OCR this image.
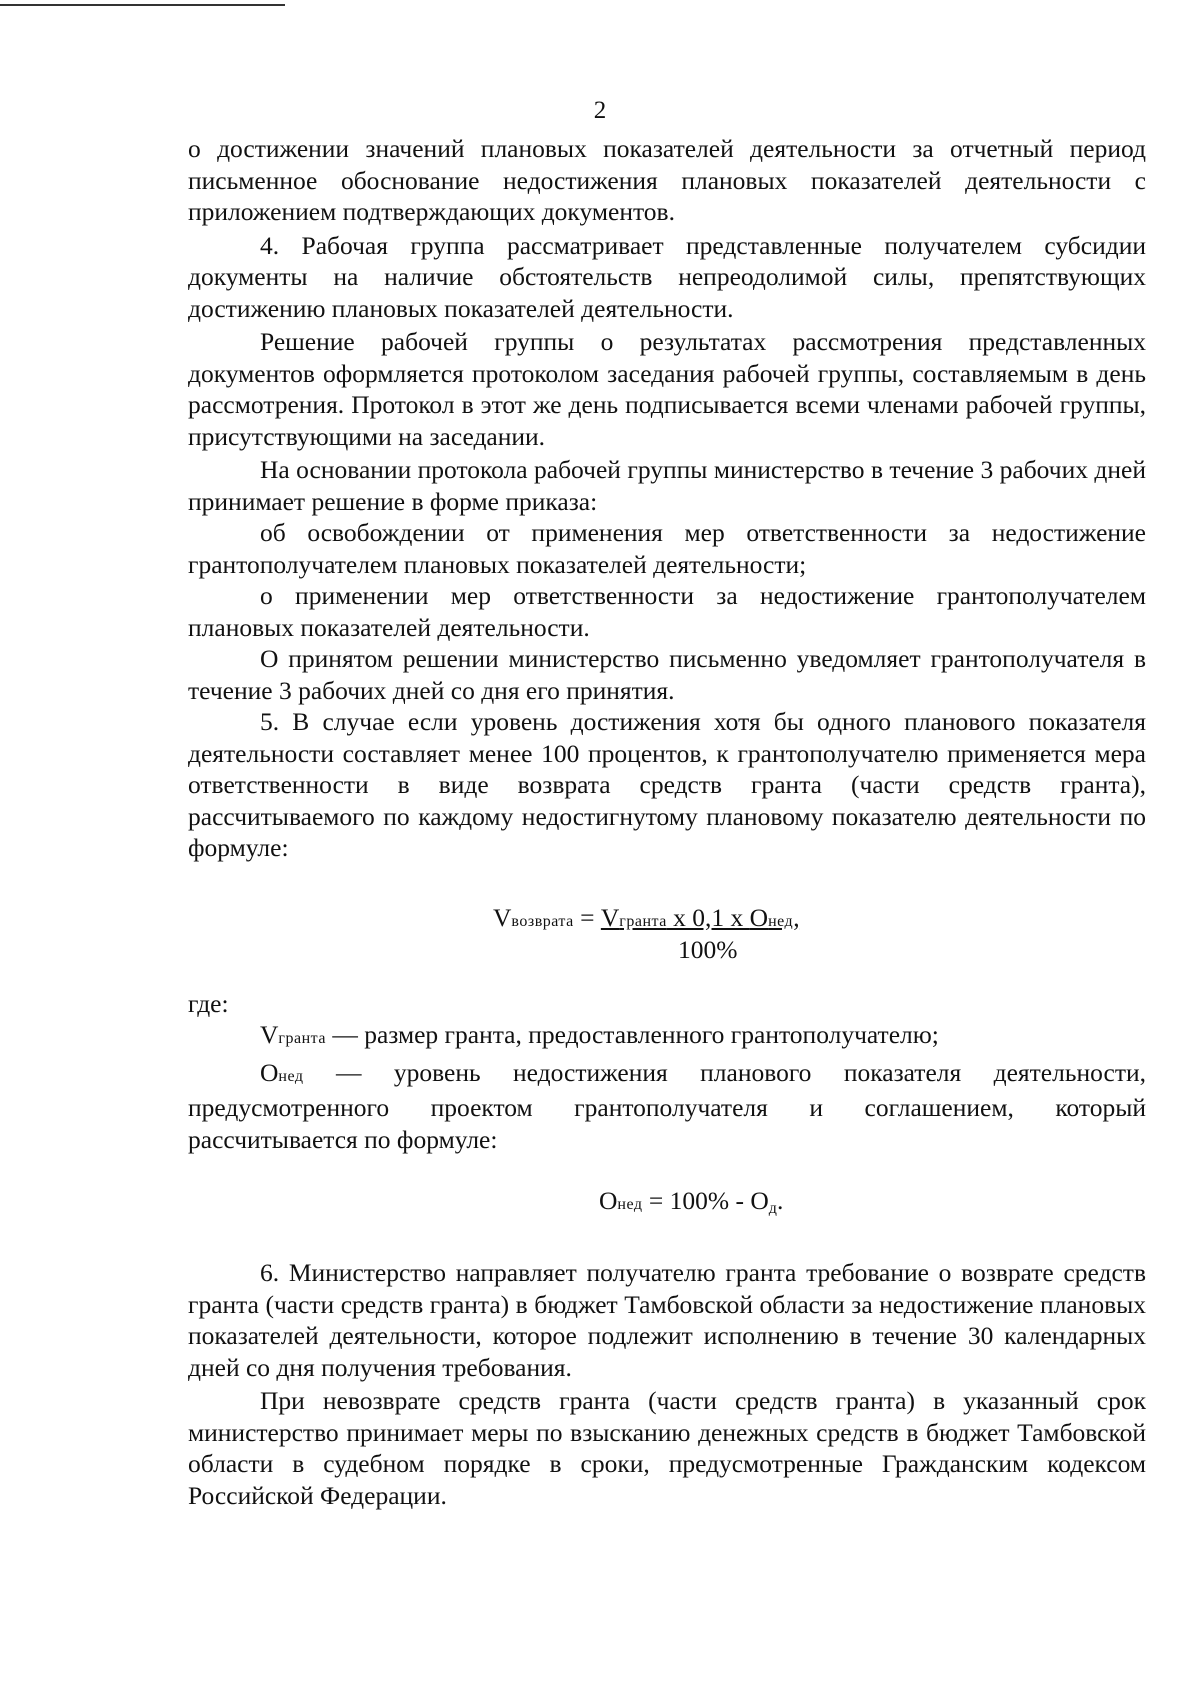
2

о достижении значений плановых показателей деятельности за отчетный период письменное обоснование недостижения плановых показателей деятельности с приложением подтверждающих документов.

4. Рабочая группа рассматривает представленные получателем субсидии документы на наличие обстоятельств непреодолимой силы, препятствующих достижению плановых показателей деятельности.

Решение рабочей группы о результатах рассмотрения представленных документов оформляется протоколом заседания рабочей группы, составляемым в день рассмотрения. Протокол в этот же день подписывается всеми членами рабочей группы, присутствующими на заседании.

На основании протокола рабочей группы министерство в течение 3 рабочих дней принимает решение в форме приказа:

об освобождении от применения мер ответственности за недостижение грантополучателем плановых показателей деятельности;

о применении мер ответственности за недостижение грантополучателем плановых показателей деятельности.

О принятом решении министерство письменно уведомляет грантополучателя в течение 3 рабочих дней со дня его принятия.

5. В случае если уровень достижения хотя бы одного планового показателя деятельности составляет менее 100 процентов, к грантополучателю применяется мера ответственности в виде возврата средств гранта (части средств гранта), рассчитываемого по каждому недостигнутому плановому показателю деятельности по формуле:

Vвозврата = Vгранта х 0,1 х Онед,
100%

где:

Vгранта — размер гранта, предоставленного грантополучателю;

Онед — уровень недостижения планового показателя деятельности, предусмотренного проектом грантополучателя и соглашением, который рассчитывается по формуле:

Онед = $100\% - О_д$.

6. Министерство направляет получателю гранта требование о возврате средств гранта (части средств гранта) в бюджет Тамбовской области за недостижение плановых показателей деятельности, которое подлежит исполнению в течение 30 календарных дней со дня получения требования.

При невозврате средств гранта (части средств гранта) в указанный срок министерство принимает меры по взысканию денежных средств в бюджет Тамбовской области в судебном порядке в сроки, предусмотренные Гражданским кодексом Российской Федерации.
